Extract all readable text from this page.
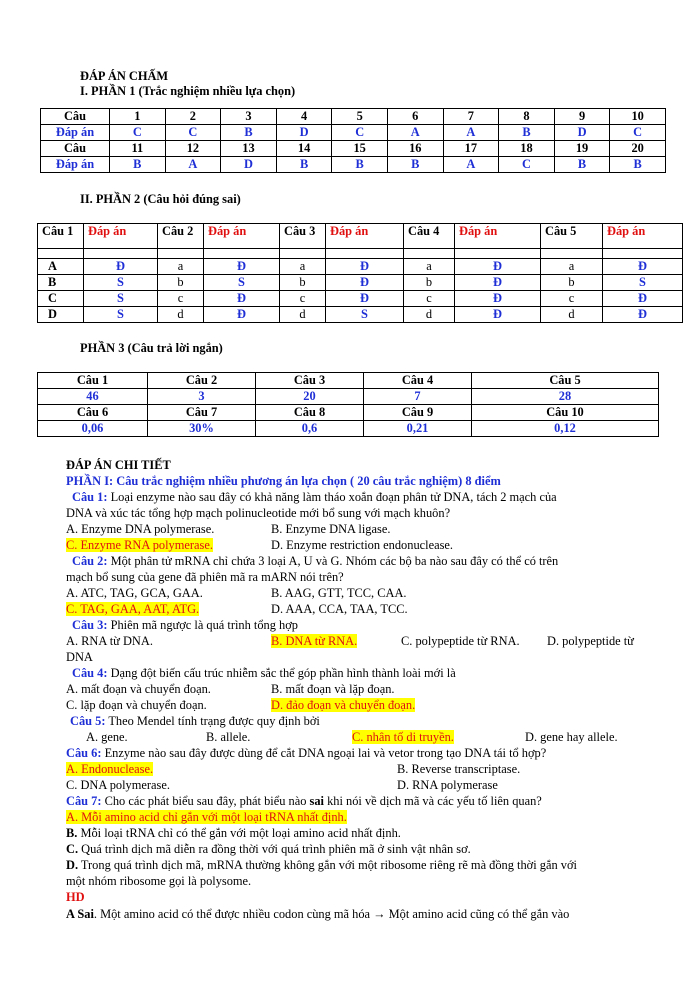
ĐÁP ÁN CHẤM
I. PHẦN 1 (Trắc nghiệm nhiều lựa chọn)
Câu	1	2	3	4	5	6	7	8	9	10
Đáp án	C	C	B	D	C	A	A	B	D	C
Câu	11	12	13	14	15	16	17	18	19	20
Đáp án	B	A	D	B	B	B	A	C	B	B
II. PHẦN 2 (Câu hỏi đúng sai)
Câu 1	Đáp án	Câu 2	Đáp án	Câu 3	Đáp án	Câu 4	Đáp án	Câu 5	Đáp án

A	Đ	a	Đ	a	Đ	a	Đ	a	Đ
B	S	b	S	b	Đ	b	Đ	b	S
C	S	c	Đ	c	Đ	c	Đ	c	Đ
D	S	d	Đ	d	S	d	Đ	d	Đ
PHẦN 3 (Câu trả lời ngắn)
Câu 1	Câu 2	Câu 3	Câu 4	Câu 5
46	3	20	7	28
Câu 6	Câu 7	Câu 8	Câu 9	Câu 10
0,06	30%	0,6	0,21	0,12
ĐÁP ÁN CHI TIẾT
PHẦN I: Câu trắc nghiệm nhiều phương án lựa chọn ( 20 câu trắc nghiệm) 8 điểm
Câu 1: Loại enzyme nào sau đây có khả năng làm tháo xoắn đoạn phân tử DNA, tách 2 mạch của
DNA và xúc tác tổng hợp mạch polinucleotide mới bổ sung với mạch khuôn?
A. Enzyme DNA polymerase.	B. Enzyme DNA ligase.
C. Enzyme RNA polymerase.	D. Enzyme restriction endonuclease.
Câu 2: Một phân tử mRNA chỉ chứa 3 loại A, U và G. Nhóm các bộ ba nào sau đây có thể có trên
mạch bổ sung của gene đã phiên mã ra mARN nói trên?
A. ATC, TAG, GCA, GAA.	B. AAG, GTT, TCC, CAA.
C. TAG, GAA, AAT, ATG.	D. AAA, CCA, TAA, TCC.
Câu 3: Phiên mã ngược là quá trình tổng hợp
A. RNA từ DNA.	B. DNA từ RNA.	C. polypeptide từ RNA. D. polypeptide từ
DNA
Câu 4: Dạng đột biến cấu trúc nhiễm sắc thể góp phần hình thành loài mới là
A. mất đoạn và chuyển đoạn.	B. mất đoạn và lặp đoạn.
C. lặp đoạn và chuyển đoạn.	D. đảo đoạn và chuyển đoạn.
Câu 5: Theo Mendel tính trạng được quy định bởi
A. gene.	B. allele.	C. nhân tố di truyền.	D. gene hay allele.
Câu 6: Enzyme nào sau đây được dùng để cắt DNA ngoại lai và vetor trong tạo DNA tái tổ hợp?
A. Endonuclease.	B. Reverse transcriptase.
C. DNA polymerase.	D. RNA polymerase
Câu 7: Cho các phát biểu sau đây, phát biểu nào sai khi nói về dịch mã và các yếu tố liên quan?
A. Mỗi amino acid chỉ gắn với một loại tRNA nhất định.
B. Mỗi loại tRNA chỉ có thể gắn với một loại amino acid nhất định.
C. Quá trình dịch mã diễn ra đồng thời với quá trình phiên mã ở sinh vật nhân sơ.
D. Trong quá trình dịch mã, mRNA thường không gắn với một ribosome riêng rẽ mà đồng thời gắn với
một nhóm ribosome gọi là polysome.
HD
A Sai. Một amino acid có thể được nhiều codon cùng mã hóa → Một amino acid cũng có thể gắn vào
